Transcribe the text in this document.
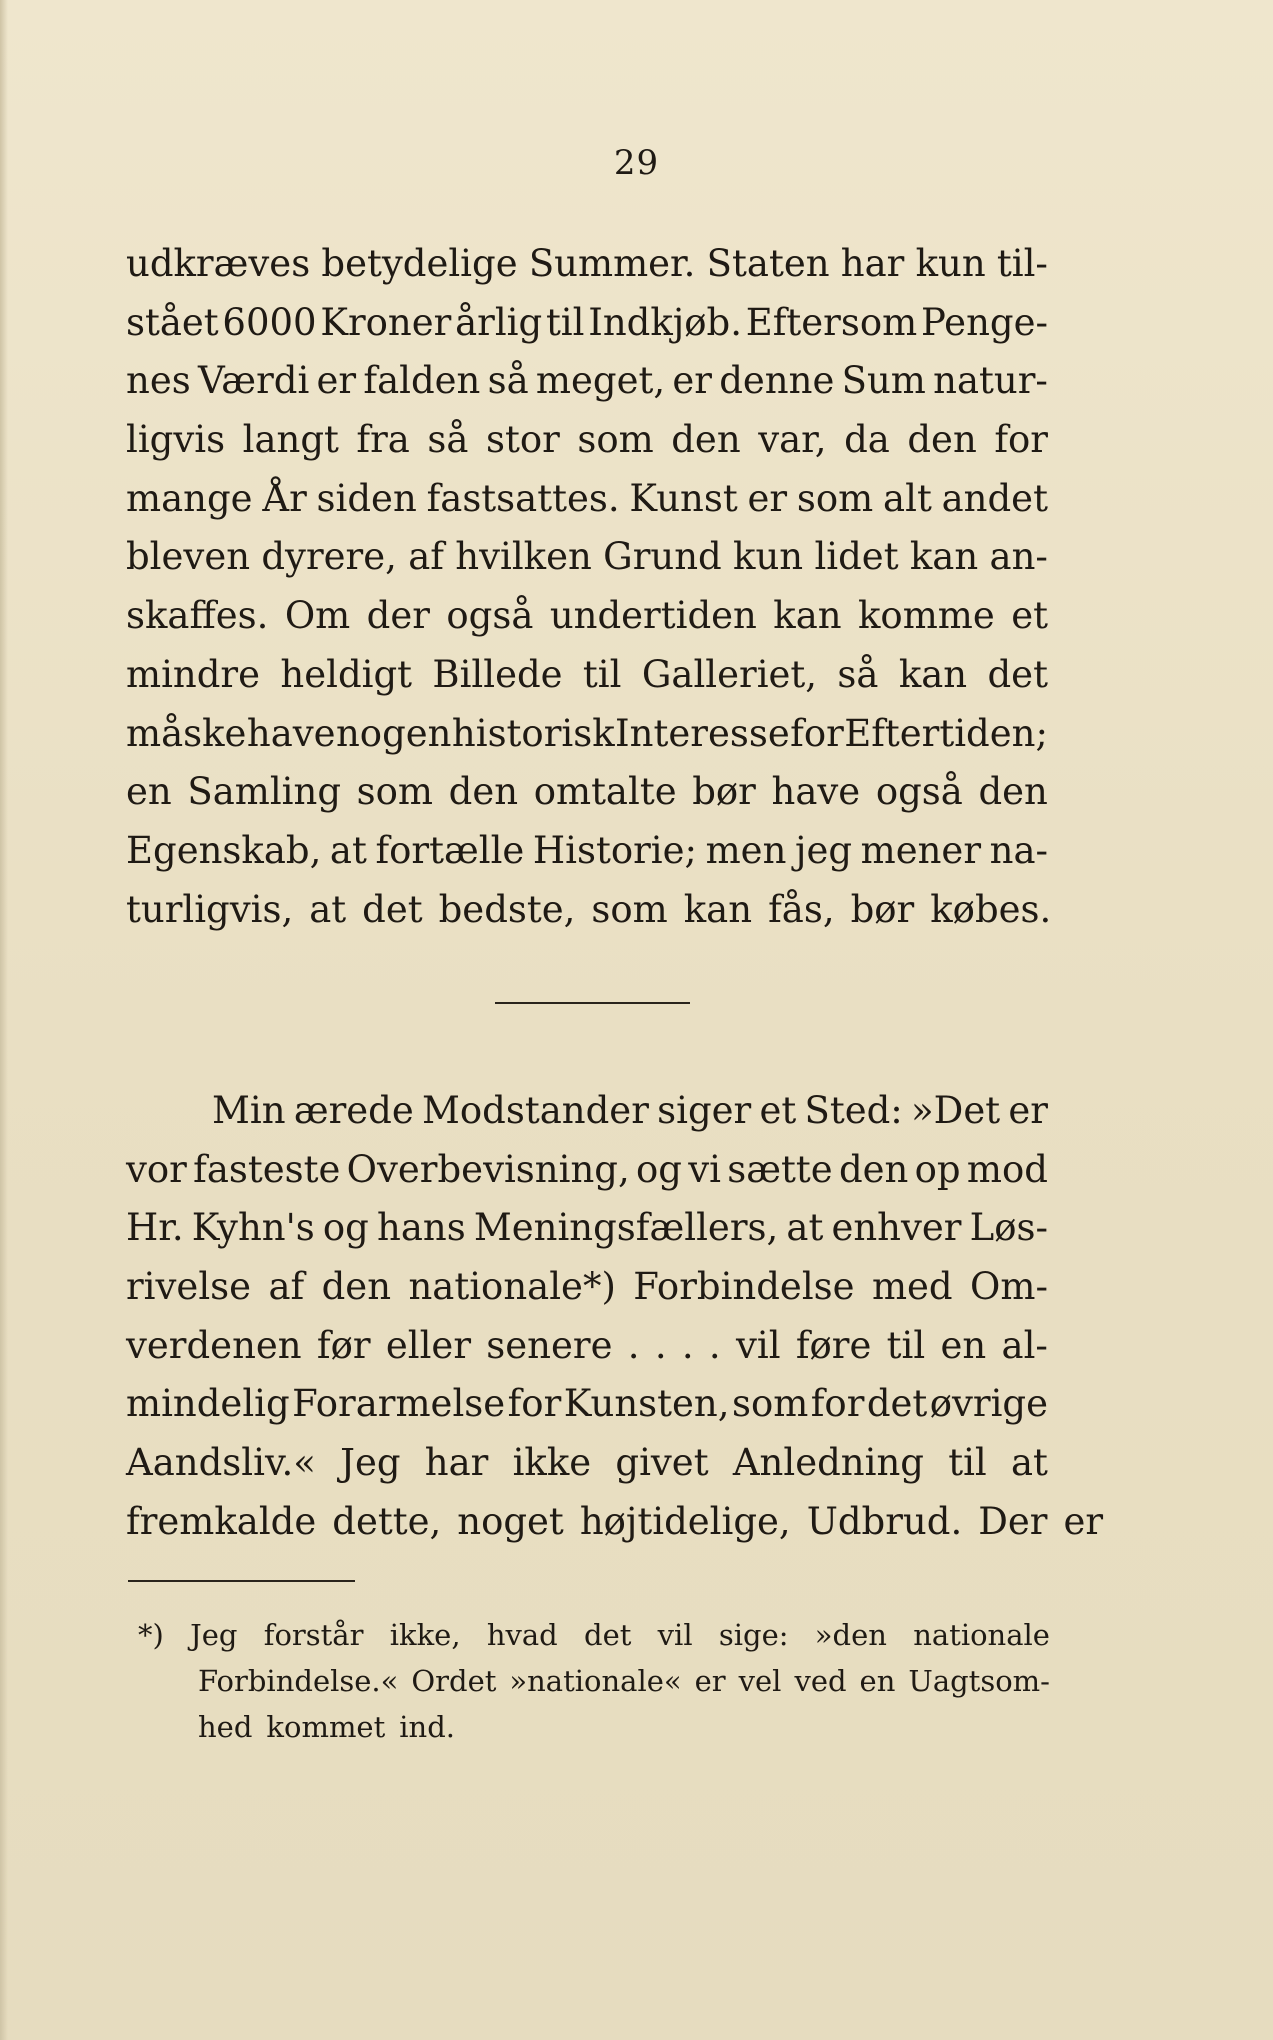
29
udkræves betydelige Summer. Staten har kun til-
stået 6000 Kroner årlig til Indkjøb. Eftersom Penge-
nes Værdi er falden så meget, er denne Sum natur-
ligvis langt fra så stor som den var, da den for
mange År siden fastsattes. Kunst er som alt andet
bleven dyrere, af hvilken Grund kun lidet kan an-
skaffes. Om der også undertiden kan komme et
mindre heldigt Billede til Galleriet, så kan det
måske have nogen historisk Interesse for Eftertiden;
en Samling som den omtalte bør have også den
Egenskab, at fortælle Historie; men jeg mener na-
turligvis, at det bedste, som kan fås, bør købes.
Min ærede Modstander siger et Sted: »Det er
vor fasteste Overbevisning, og vi sætte den op mod
Hr. Kyhn's og hans Meningsfællers, at enhver Løs-
rivelse af den nationale*) Forbindelse med Om-
verdenen før eller senere . . . . vil føre til en al-
mindelig Forarmelse for Kunsten, som for det øvrige
Aandsliv.« Jeg har ikke givet Anledning til at
fremkalde dette, noget højtidelige, Udbrud. Der er
*) Jeg forstår ikke, hvad det vil sige: »den nationale
Forbindelse.« Ordet »nationale« er vel ved en Uagtsom-
hed kommet ind.
